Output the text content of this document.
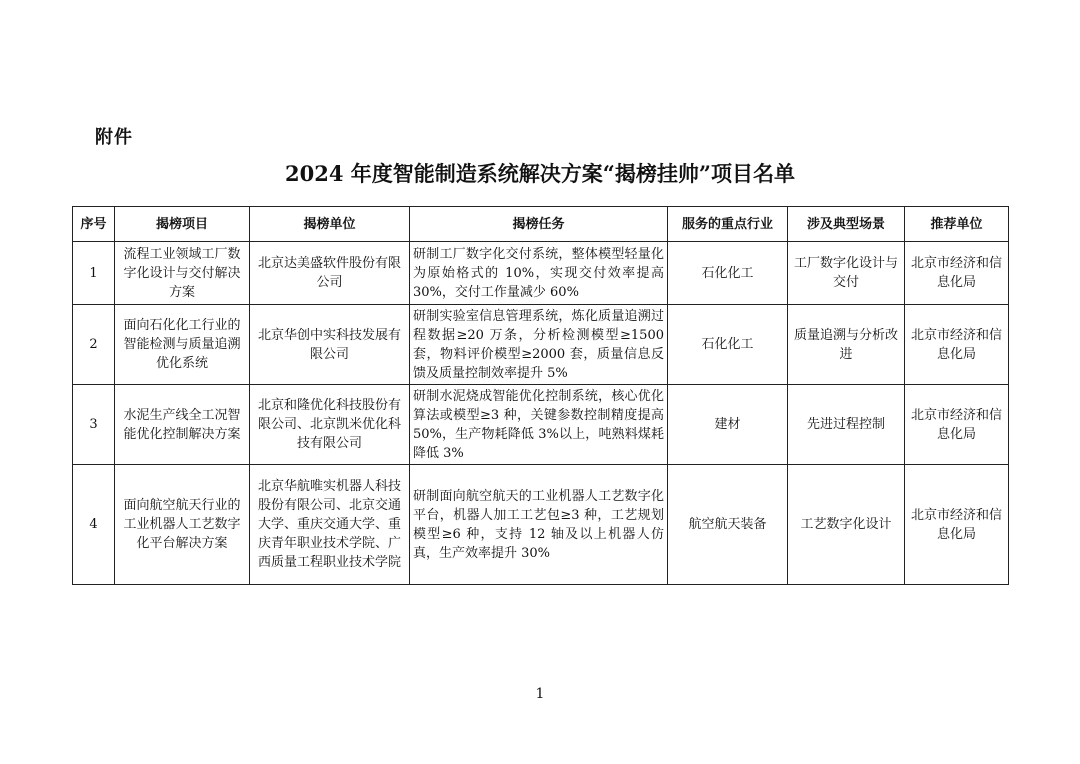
附件
2024 年度智能制造系统解决方案“揭榜挂帅”项目名单
序号	揭榜项目	揭榜单位	揭榜任务	服务的重点行业	涉及典型场景	推荐单位
1	流程工业领域工厂数字化设计与交付解决方案	北京达美盛软件股份有限公司	研制工厂数字化交付系统，整体模型轻量化为原始格式的 10%，实现交付效率提高 30%，交付工作量减少 60%	石化化工	工厂数字化设计与交付	北京市经济和信息化局
2	面向石化化工行业的智能检测与质量追溯优化系统	北京华创中实科技发展有限公司	研制实验室信息管理系统，炼化质量追溯过程数据≥20 万条，分析检测模型≥1500 套，物料评价模型≥2000 套，质量信息反馈及质量控制效率提升 5%	石化化工	质量追溯与分析改进	北京市经济和信息化局
3	水泥生产线全工况智能优化控制解决方案	北京和隆优化科技股份有限公司、北京凯米优化科技有限公司	研制水泥烧成智能优化控制系统，核心优化算法或模型≥3 种，关键参数控制精度提高 50%，生产物耗降低 3%以上，吨熟料煤耗降低 3%	建材	先进过程控制	北京市经济和信息化局
4	面向航空航天行业的工业机器人工艺数字化平台解决方案	北京华航唯实机器人科技股份有限公司、北京交通大学、重庆交通大学、重庆青年职业技术学院、广西质量工程职业技术学院	研制面向航空航天的工业机器人工艺数字化平台，机器人加工工艺包≥3 种，工艺规划模型≥6 种，支持 12 轴及以上机器人仿真，生产效率提升 30%	航空航天装备	工艺数字化设计	北京市经济和信息化局
1
